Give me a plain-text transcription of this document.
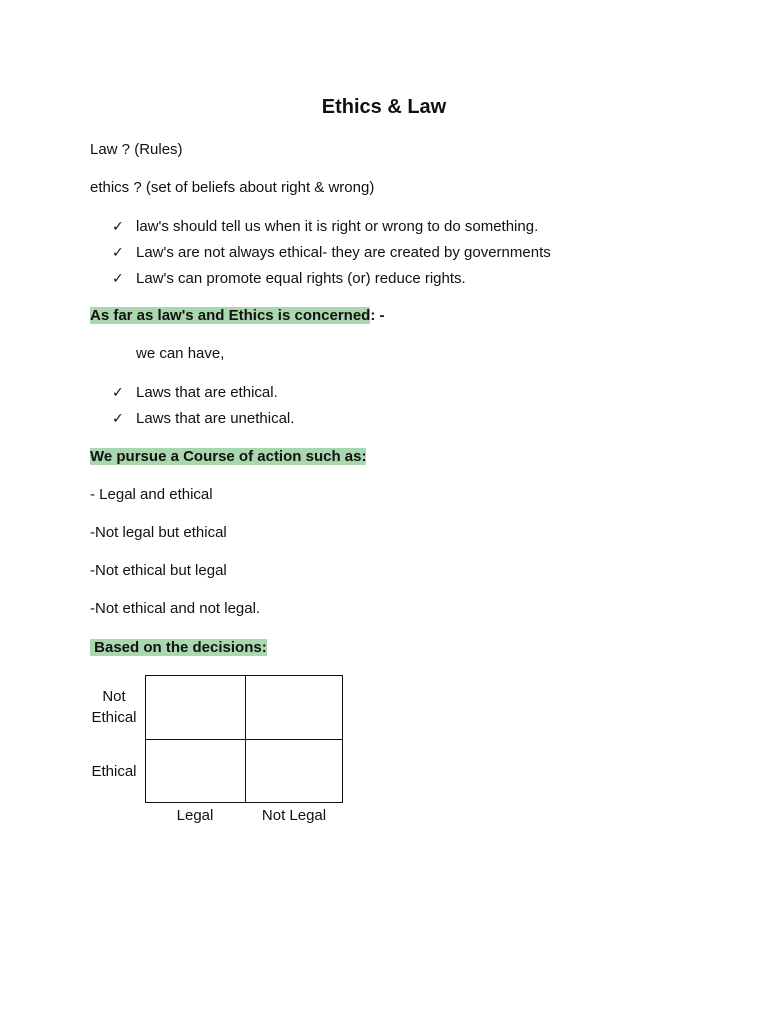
Ethics & Law
Law ? (Rules)
ethics ? (set of beliefs about right & wrong)
✓ law's should tell us when it is right or wrong to do something.
✓ Law's are not always ethical- they are created by governments
✓ Law's can promote equal rights (or) reduce rights.
As far as law's and Ethics is concerned: -
we can have,
✓ Laws that are ethical.
✓ Laws that are unethical.
We pursue a Course of action such as:
- Legal and ethical
-Not legal but ethical
-Not ethical but legal
-Not ethical and not legal.
Based on the decisions:
Not Ethical
Ethical
Legal	Not Legal
